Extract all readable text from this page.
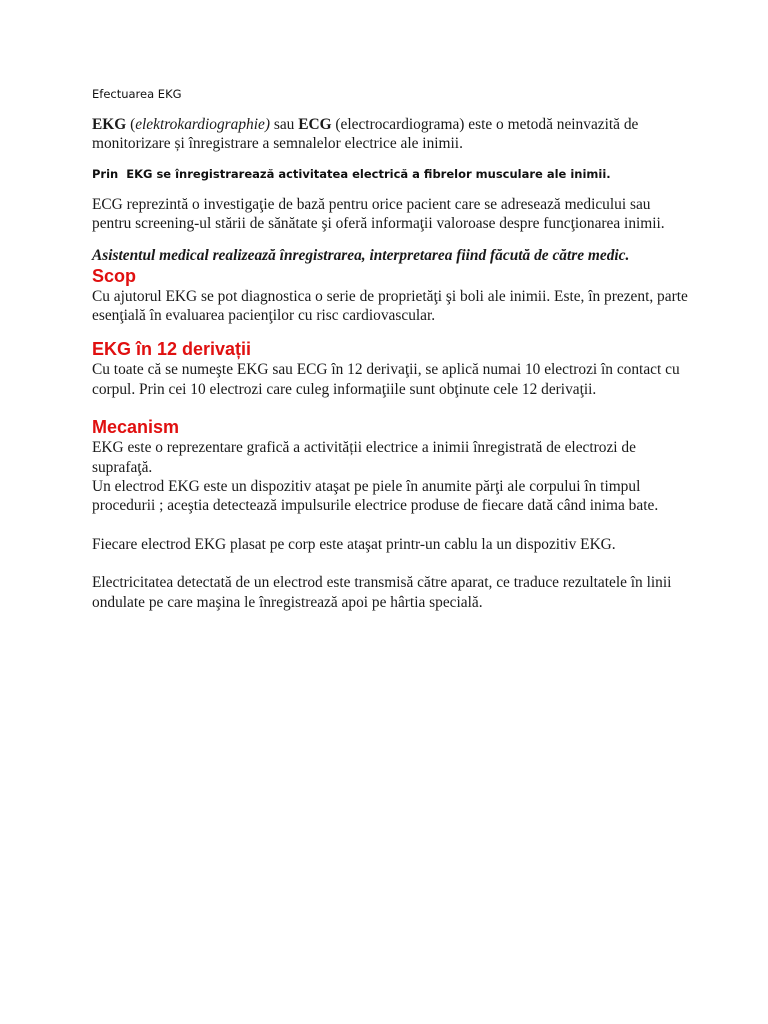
Efectuarea EKG

EKG (elektrokardiographie) sau ECG (electrocardiograma) este o metodă neinvazită de monitorizare și înregistrare a semnalelor electrice ale inimii.

Prin  EKG se înregistrarează activitatea electrică a fibrelor musculare ale inimii.

ECG reprezintă o investigaţie de bază pentru orice pacient care se adresează medicului sau pentru screening-ul stării de sănătate şi oferă informaţii valoroase despre funcţionarea inimii.

Asistentul medical realizează înregistrarea, interpretarea fiind făcută de către medic.

Scop

Cu ajutorul EKG se pot diagnostica o serie de proprietăţi şi boli ale inimii. Este, în prezent, parte esenţială în evaluarea pacienţilor cu risc cardiovascular.

EKG în 12 derivații

Cu toate că se numeşte EKG sau ECG în 12 derivaţii, se aplică numai 10 electrozi în contact cu corpul. Prin cei 10 electrozi care culeg informaţiile sunt obţinute cele 12 derivaţii.

Mecanism

EKG este o reprezentare grafică a activității electrice a inimii înregistrată de electrozi de suprafaţă.

Un electrod EKG este un dispozitiv ataşat pe piele în anumite părţi ale corpului în timpul procedurii ; aceştia detectează impulsurile electrice produse de fiecare dată când inima bate.

Fiecare electrod EKG plasat pe corp este ataşat printr-un cablu la un dispozitiv EKG.

Electricitatea detectată de un electrod este transmisă către aparat, ce traduce rezultatele în linii ondulate pe care maşina le înregistrează apoi pe hârtia specială.
